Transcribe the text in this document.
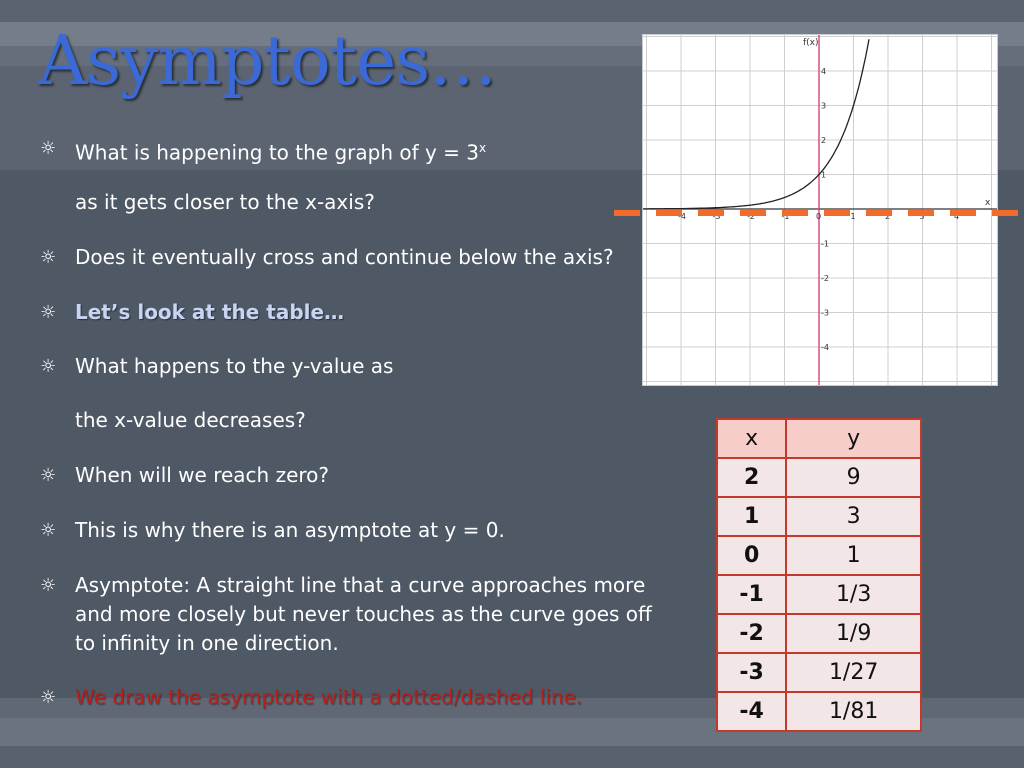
Asymptotes…
☼ What is happening to the graph of $y = 3^x$
as it gets closer to the x-axis?
☼ Does it eventually cross and continue below the axis?
☼ Let’s look at the table…
☼ What happens to the y-value as
the x-value decreases?
☼ When will we reach zero?
☼ This is why there is an asymptote at y = 0.
☼ Asymptote: A straight line that a curve approaches more and more closely but never touches as the curve goes off to infinity in one direction.
☼ We draw the asymptote with a dotted/dashed line.
-4	-3	-2	-1	0	1	2	3	4
4
3
2
1
-1
-2
-3
-4
f(x)
x
x	y
2	9
1	3
0	1
-1	1/3
-2	1/9
-3	1/27
-4	1/81
